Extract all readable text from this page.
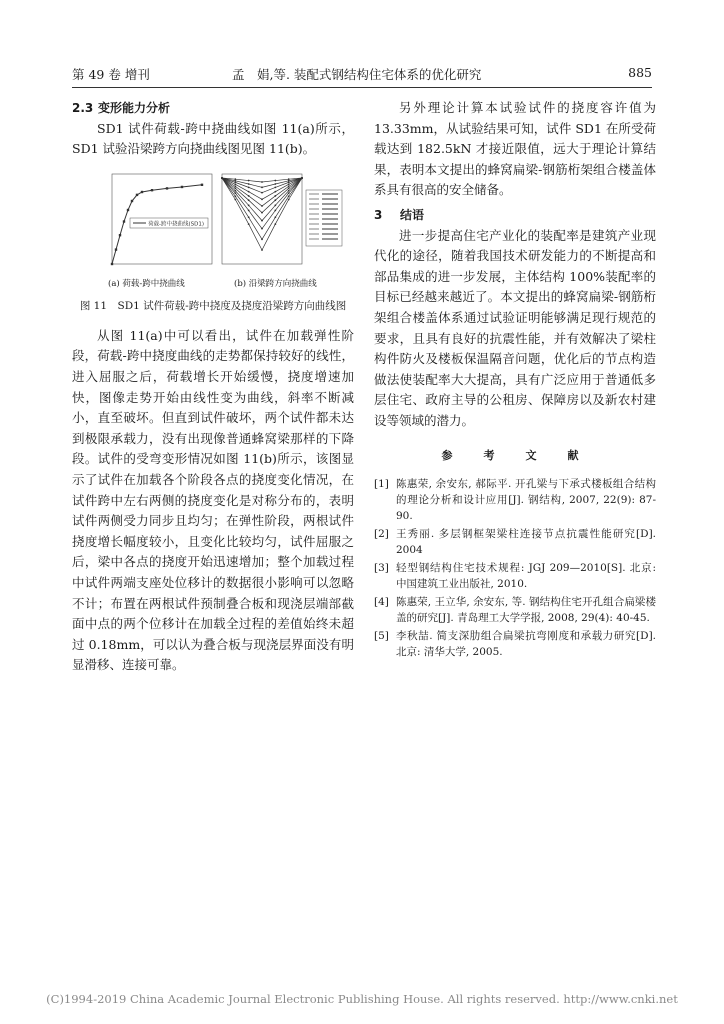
第 49 卷 增刊	孟　娟,等. 装配式钢结构住宅体系的优化研究	885
2.3 变形能力分析
SD1 试件荷载-跨中挠曲线如图 11(a)所示，SD1 试验沿梁跨方向挠曲线图见图 11(b)。
荷载-跨中挠曲线(SD1)
(a) 荷载-跨中挠曲线	(b) 沿梁跨方向挠曲线
图 11　SD1 试件荷载-跨中挠度及挠度沿梁跨方向曲线图
从图 11(a)中可以看出，试件在加载弹性阶段，荷载-跨中挠度曲线的走势都保持较好的线性，进入屈服之后，荷载增长开始缓慢，挠度增速加快，图像走势开始由线性变为曲线，斜率不断减小，直至破坏。但直到试件破坏，两个试件都未达到极限承载力，没有出现像普通蜂窝梁那样的下降段。试件的受弯变形情况如图 11(b)所示，该图显示了试件在加载各个阶段各点的挠度变化情况，在试件跨中左右两侧的挠度变化是对称分布的，表明试件两侧受力同步且均匀；在弹性阶段，两根试件挠度增长幅度较小，且变化比较均匀，试件屈服之后，梁中各点的挠度开始迅速增加；整个加载过程中试件两端支座处位移计的数据很小影响可以忽略不计；布置在两根试件预制叠合板和现浇层端部截面中点的两个位移计在加载全过程的差值始终未超过 0.18mm，可以认为叠合板与现浇层界面没有明显滑移、连接可靠。
另外理论计算本试验试件的挠度容许值为 13.33mm，从试验结果可知，试件 SD1 在所受荷载达到 182.5kN 才接近限值，远大于理论计算结果，表明本文提出的蜂窝扁梁-钢筋桁架组合楼盖体系具有很高的安全储备。
3 结语
进一步提高住宅产业化的装配率是建筑产业现代化的途径，随着我国技术研发能力的不断提高和部品集成的进一步发展，主体结构 100%装配率的目标已经越来越近了。本文提出的蜂窝扁梁-钢筋桁架组合楼盖体系通过试验证明能够满足现行规范的要求，且具有良好的抗震性能，并有效解决了梁柱构件防火及楼板保温隔音问题，优化后的节点构造做法使装配率大大提高，具有广泛应用于普通低多层住宅、政府主导的公租房、保障房以及新农村建设等领域的潜力。
参　考　文　献
[1] 陈惠荣, 余安东, 郝际平. 开孔梁与下承式楼板组合结构的理论分析和设计应用[J]. 钢结构, 2007, 22(9): 87-90.
[2] 王秀丽. 多层钢框架梁柱连接节点抗震性能研究[D]. 2004
[3] 轻型钢结构住宅技术规程: JGJ 209—2010[S]. 北京: 中国建筑工业出版社, 2010.
[4] 陈惠荣, 王立华, 余安东, 等. 钢结构住宅开孔组合扁梁楼盖的研究[J]. 青岛理工大学学报, 2008, 29(4): 40-45.
[5] 李秋喆. 简支深肋组合扁梁抗弯刚度和承载力研究[D]. 北京: 清华大学, 2005.
(C)1994-2019 China Academic Journal Electronic Publishing House. All rights reserved. http://www.cnki.net
